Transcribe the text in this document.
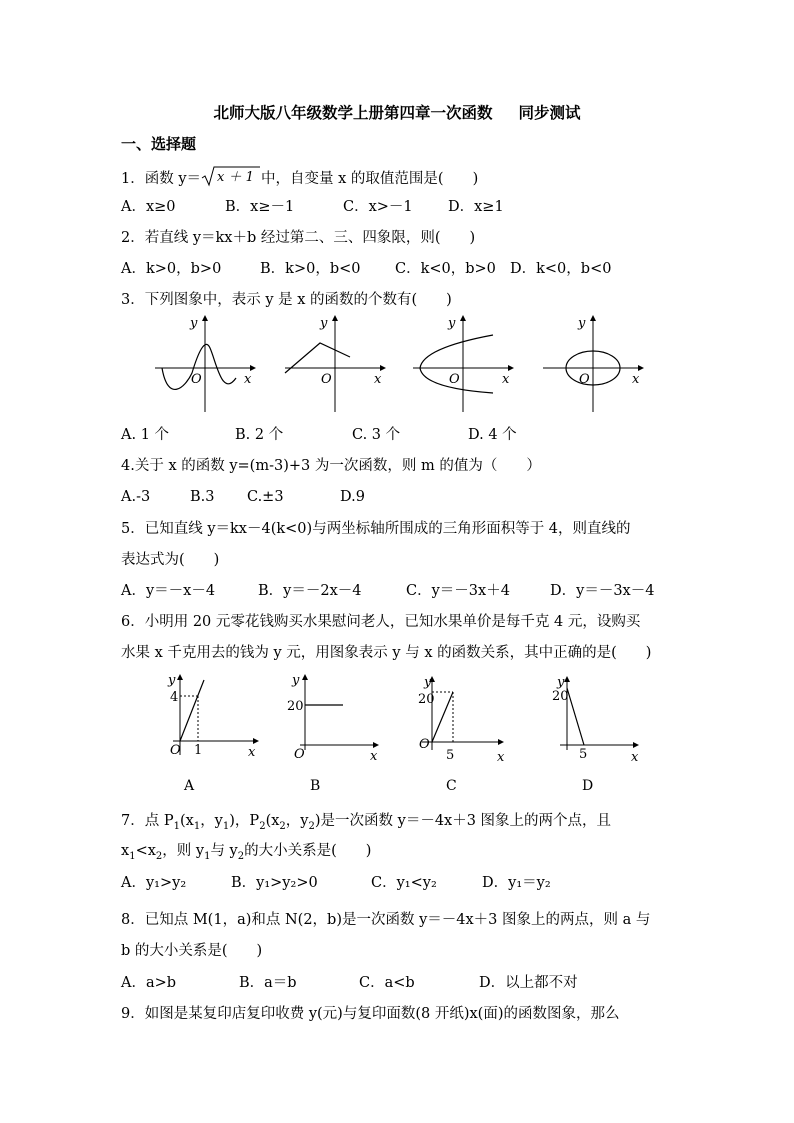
北师大版八年级数学上册第四章一次函数 同步测试
一、选择题
1．函数 y＝ x ＋ 1 中，自变量 x 的取值范围是(　　)
A．x≥0	B．x≥－1	C．x>－1 D．x≥1
2．若直线 y＝kx＋b 经过第二、三、四象限，则(　　)
A．k>0，b>0	B．k>0，b<0 C．k<0，b>0 D．k<0，b<0
3．下列图象中，表示 y 是 x 的函数的个数有(　　)
y
x
O
y
x
O
y
x
O
y
x
O
A. 1 个	B. 2 个	C. 3 个	D. 4 个
4.关于 x 的函数 y=(m-3)+3 为一次函数，则 m 的值为（　　）
A.-3	B.3 C.±3	D.9
5．已知直线 y＝kx－4(k<0)与两坐标轴所围成的三角形面积等于 4，则直线的
表达式为(　　)
A．y＝－x－4	B．y＝－2x－4	C．y＝－3x＋4	D．y＝－3x－4
6．小明用 20 元零花钱购买水果慰问老人，已知水果单价是每千克 4 元，设购买
水果 x 千克用去的钱为 y 元，用图象表示 y 与 x 的函数关系，其中正确的是(　　)
y
x
O
4
1
y
x
O
20
y
x
O
20
5
y
x
20
5
A	B	C	D
7．点 $P_1(x_1$，$y_1$)，$P_2(x_2$，$y_2$)是一次函数 y＝－4x＋3 图象上的两个点，且
$x_1<x_2$，则 $y_1$与 $y_2$的大小关系是(　　)
A．y₁>y₂	B．y₁>y₂>0	C．y₁<y₂	D．y₁＝y₂
8．已知点 M(1，a)和点 N(2，b)是一次函数 y＝－4x＋3 图象上的两点，则 a 与
b 的大小关系是(　　)
A．a>b	B．a＝b	C．a<b	D．以上都不对
9．如图是某复印店复印收费 y(元)与复印面数(8 开纸)x(面)的函数图象，那么
